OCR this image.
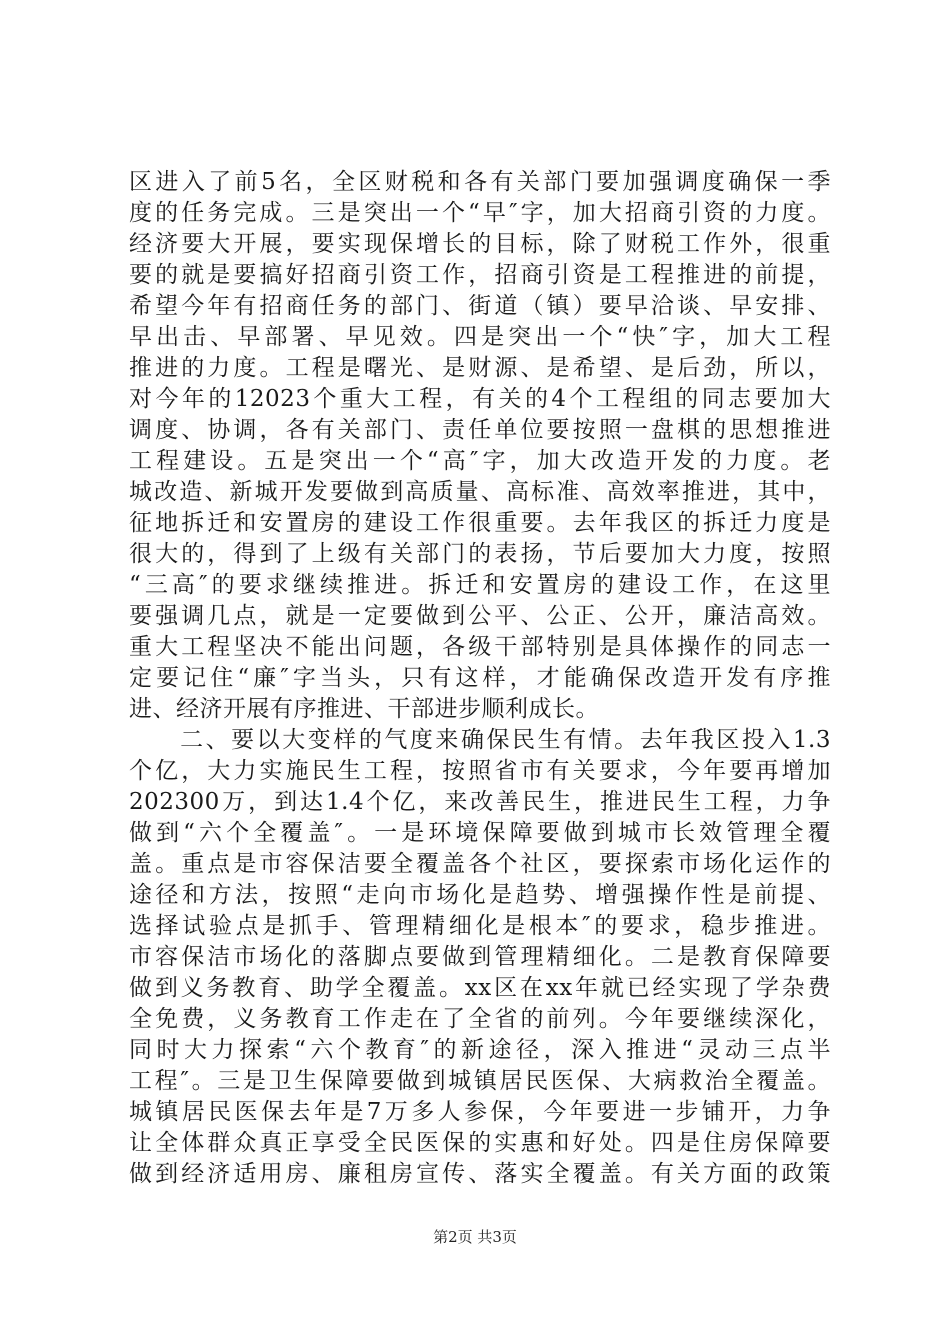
区进入了前5名，全区财税和各有关部门要加强调度确保一季
度的任务完成。三是突出一个“早″字，加大招商引资的力度。
经济要大开展，要实现保增长的目标，除了财税工作外，很重
要的就是要搞好招商引资工作，招商引资是工程推进的前提，
希望今年有招商任务的部门、街道（镇）要早洽谈、早安排、
早出击、早部署、早见效。四是突出一个“快″字，加大工程
推进的力度。工程是曙光、是财源、是希望、是后劲，所以，
对今年的12023个重大工程，有关的4个工程组的同志要加大
调度、协调，各有关部门、责任单位要按照一盘棋的思想推进
工程建设。五是突出一个“高″字，加大改造开发的力度。老
城改造、新城开发要做到高质量、高标准、高效率推进，其中，
征地拆迁和安置房的建设工作很重要。去年我区的拆迁力度是
很大的，得到了上级有关部门的表扬，节后要加大力度，按照
“三高″的要求继续推进。拆迁和安置房的建设工作，在这里
要强调几点，就是一定要做到公平、公正、公开，廉洁高效。
重大工程坚决不能出问题，各级干部特别是具体操作的同志一
定要记住“廉″字当头，只有这样，才能确保改造开发有序推
进、经济开展有序推进、干部进步顺利成长。
　　二、要以大变样的气度来确保民生有情。去年我区投入1.3
个亿，大力实施民生工程，按照省市有关要求，今年要再增加
202300万，到达1.4个亿，来改善民生，推进民生工程，力争
做到“六个全覆盖″。一是环境保障要做到城市长效管理全覆
盖。重点是市容保洁要全覆盖各个社区，要探索市场化运作的
途径和方法，按照“走向市场化是趋势、增强操作性是前提、
选择试验点是抓手、管理精细化是根本″的要求，稳步推进。
市容保洁市场化的落脚点要做到管理精细化。二是教育保障要
做到义务教育、助学全覆盖。xx区在xx年就已经实现了学杂费
全免费，义务教育工作走在了全省的前列。今年要继续深化，
同时大力探索“六个教育″的新途径，深入推进“灵动三点半
工程″。三是卫生保障要做到城镇居民医保、大病救治全覆盖。
城镇居民医保去年是7万多人参保，今年要进一步铺开，力争
让全体群众真正享受全民医保的实惠和好处。四是住房保障要
做到经济适用房、廉租房宣传、落实全覆盖。有关方面的政策
第2页 共3页
